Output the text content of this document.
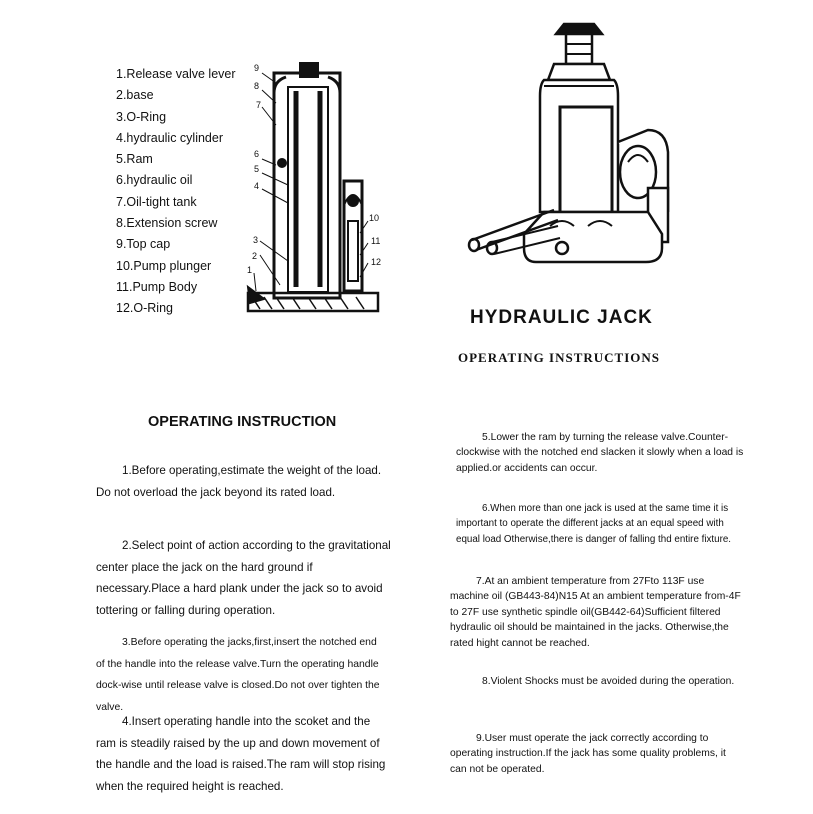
1.Release valve lever
2.base
3.O-Ring
4.hydraulic cylinder
5.Ram
6.hydraulic oil
7.Oil-tight tank
8.Extension screw
9.Top cap
10.Pump plunger
11.Pump Body
12.O-Ring
9
8
7
6
5
4
3
2
1
10
11
12
HYDRAULIC JACK
OPERATING INSTRUCTIONS
OPERATING INSTRUCTION
1.Before operating,estimate the weight of the load. Do not overload the jack beyond its rated load.
2.Select point of action according to the gravitational center place the jack on the hard ground if necessary.Place a hard plank under the jack so to avoid tottering or falling during operation.
3.Before operating the jacks,first,insert the notched end of the handle into the release valve.Turn the operating handle dock-wise until release valve is closed.Do not over tighten the valve.
4.Insert operating handle into the scoket and the ram is steadily raised by the up and down movement of the handle and the load is raised.The ram will stop rising when the required height is reached.
5.Lower the ram by turning the release valve.Counter-clockwise with the notched end slacken it slowly when a load is applied.or accidents can occur.
6.When more than one jack is used at the same time it is important to operate the different jacks at an equal speed with equal load Otherwise,there is danger of falling thd entire fixture.
7.At an ambient temperature from 27Fto 113F use machine oil (GB443-84)N15 At an ambient temperature from-4F to 27F use synthetic spindle oil(GB442-64)Sufficient filtered hydraulic oil should be maintained in the jacks. Otherwise,the rated hight cannot be reached.
8.Violent Shocks must be avoided during the operation.
9.User must operate the jack correctly according to operating instruction.If the jack has some quality problems, it can not be operated.
